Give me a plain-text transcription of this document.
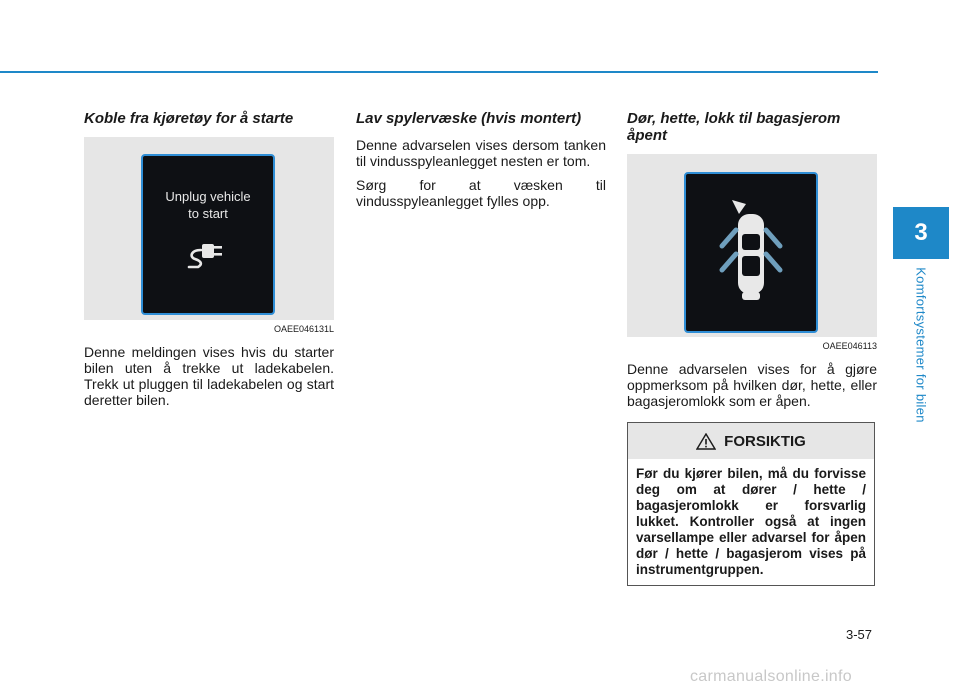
3
Komfortsystemer for bilen
Koble fra kjøretøy for å starte
Unplug vehicle
to start
OAEE046131L

Denne meldingen vises hvis du starter bilen uten å trekke ut ladekabelen. Trekk ut pluggen til ladekabelen og start deretter bilen.

Lav spylervæske (hvis montert)

Denne advarselen vises dersom tanken til vindusspyleanlegget nesten er tom.

Sørg for at væsken til vindusspyleanlegget fylles opp.

Dør, hette, lokk til bagasjerom åpent
OAEE046113

Denne advarselen vises for å gjøre oppmerksom på hvilken dør, hette, eller bagasjeromlokk som er åpen.

FORSIKTIG
Før du kjører bilen, må du forvisse deg om at dører / hette / bagasjeromlokk er forsvarlig lukket. Kontroller også at ingen varsellampe eller advarsel for åpen dør / hette / bagasjerom vises på instrumentgruppen.
3-57
carmanualsonline.info
